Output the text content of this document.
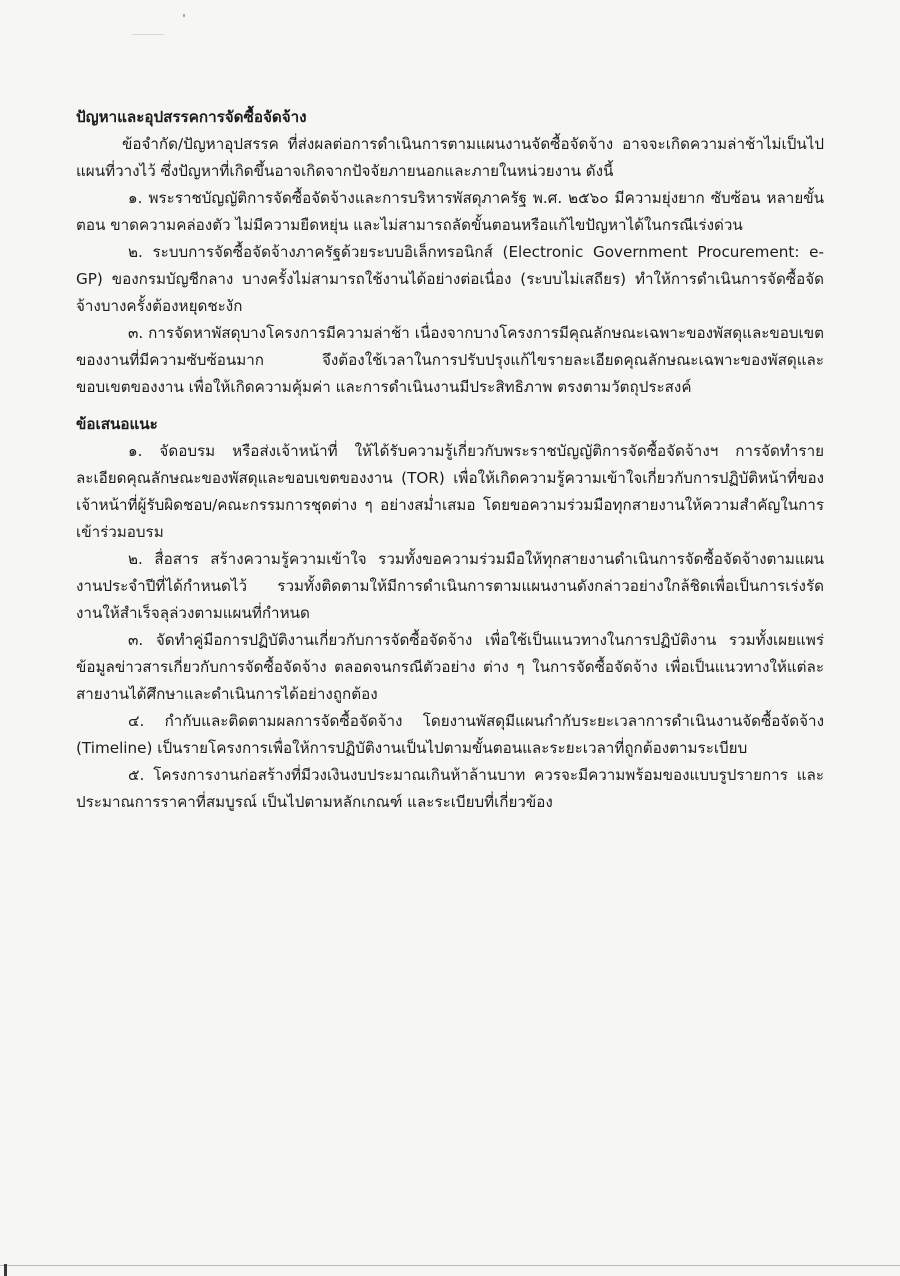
ปัญหาและอุปสรรคการจัดซื้อจัดจ้าง

ข้อจำกัด/ปัญหาอุปสรรค ที่ส่งผลต่อการดำเนินการตามแผนงานจัดซื้อจัดจ้าง อาจจะเกิดความล่าช้าไม่เป็นไปแผนที่วางไว้ ซึ่งปัญหาที่เกิดขึ้นอาจเกิดจากปัจจัยภายนอกและภายในหน่วยงาน ดังนี้

๑. พระราชบัญญัติการจัดซื้อจัดจ้างและการบริหารพัสดุภาครัฐ พ.ศ. ๒๕๖๐ มีความยุ่งยาก ซับซ้อน หลายขั้นตอน ขาดความคล่องตัว ไม่มีความยืดหยุ่น และไม่สามารถลัดขั้นตอนหรือแก้ไขปัญหาได้ในกรณีเร่งด่วน

๒. ระบบการจัดซื้อจัดจ้างภาครัฐด้วยระบบอิเล็กทรอนิกส์ (Electronic Government Procurement: e-GP) ของกรมบัญชีกลาง บางครั้งไม่สามารถใช้งานได้อย่างต่อเนื่อง (ระบบไม่เสถียร) ทำให้การดำเนินการจัดซื้อจัดจ้างบางครั้งต้องหยุดชะงัก

๓. การจัดหาพัสดุบางโครงการมีความล่าช้า เนื่องจากบางโครงการมีคุณลักษณะเฉพาะของพัสดุและขอบเขตของงานที่มีความซับซ้อนมาก จึงต้องใช้เวลาในการปรับปรุงแก้ไขรายละเอียดคุณลักษณะเฉพาะของพัสดุและขอบเขตของงาน เพื่อให้เกิดความคุ้มค่า และการดำเนินงานมีประสิทธิภาพ ตรงตามวัตถุประสงค์

ข้อเสนอแนะ

๑. จัดอบรม หรือส่งเจ้าหน้าที่ ให้ได้รับความรู้เกี่ยวกับพระราชบัญญัติการจัดซื้อจัดจ้างฯ การจัดทำรายละเอียดคุณลักษณะของพัสดุและขอบเขตของงาน (TOR) เพื่อให้เกิดความรู้ความเข้าใจเกี่ยวกับการปฏิบัติหน้าที่ของเจ้าหน้าที่ผู้รับผิดชอบ/คณะกรรมการชุดต่าง ๆ อย่างสม่ำเสมอ โดยขอความร่วมมือทุกสายงานให้ความสำคัญในการเข้าร่วมอบรม

๒. สื่อสาร สร้างความรู้ความเข้าใจ รวมทั้งขอความร่วมมือให้ทุกสายงานดำเนินการจัดซื้อจัดจ้างตามแผนงานประจำปีที่ได้กำหนดไว้ รวมทั้งติดตามให้มีการดำเนินการตามแผนงานดังกล่าวอย่างใกล้ชิดเพื่อเป็นการเร่งรัดงานให้สำเร็จลุล่วงตามแผนที่กำหนด

๓. จัดทำคู่มือการปฏิบัติงานเกี่ยวกับการจัดซื้อจัดจ้าง เพื่อใช้เป็นแนวทางในการปฏิบัติงาน รวมทั้งเผยแพร่ข้อมูลข่าวสารเกี่ยวกับการจัดซื้อจัดจ้าง ตลอดจนกรณีตัวอย่าง ต่าง ๆ ในการจัดซื้อจัดจ้าง เพื่อเป็นแนวทางให้แต่ละสายงานได้ศึกษาและดำเนินการได้อย่างถูกต้อง

๔. กำกับและติดตามผลการจัดซื้อจัดจ้าง โดยงานพัสดุมีแผนกำกับระยะเวลาการดำเนินงานจัดซื้อจัดจ้าง (Timeline) เป็นรายโครงการเพื่อให้การปฏิบัติงานเป็นไปตามขั้นตอนและระยะเวลาที่ถูกต้องตามระเบียบ

๕. โครงการงานก่อสร้างที่มีวงเงินงบประมาณเกินห้าล้านบาท ควรจะมีความพร้อมของแบบรูปรายการ และประมาณการราคาที่สมบูรณ์ เป็นไปตามหลักเกณฑ์ และระเบียบที่เกี่ยวข้อง
